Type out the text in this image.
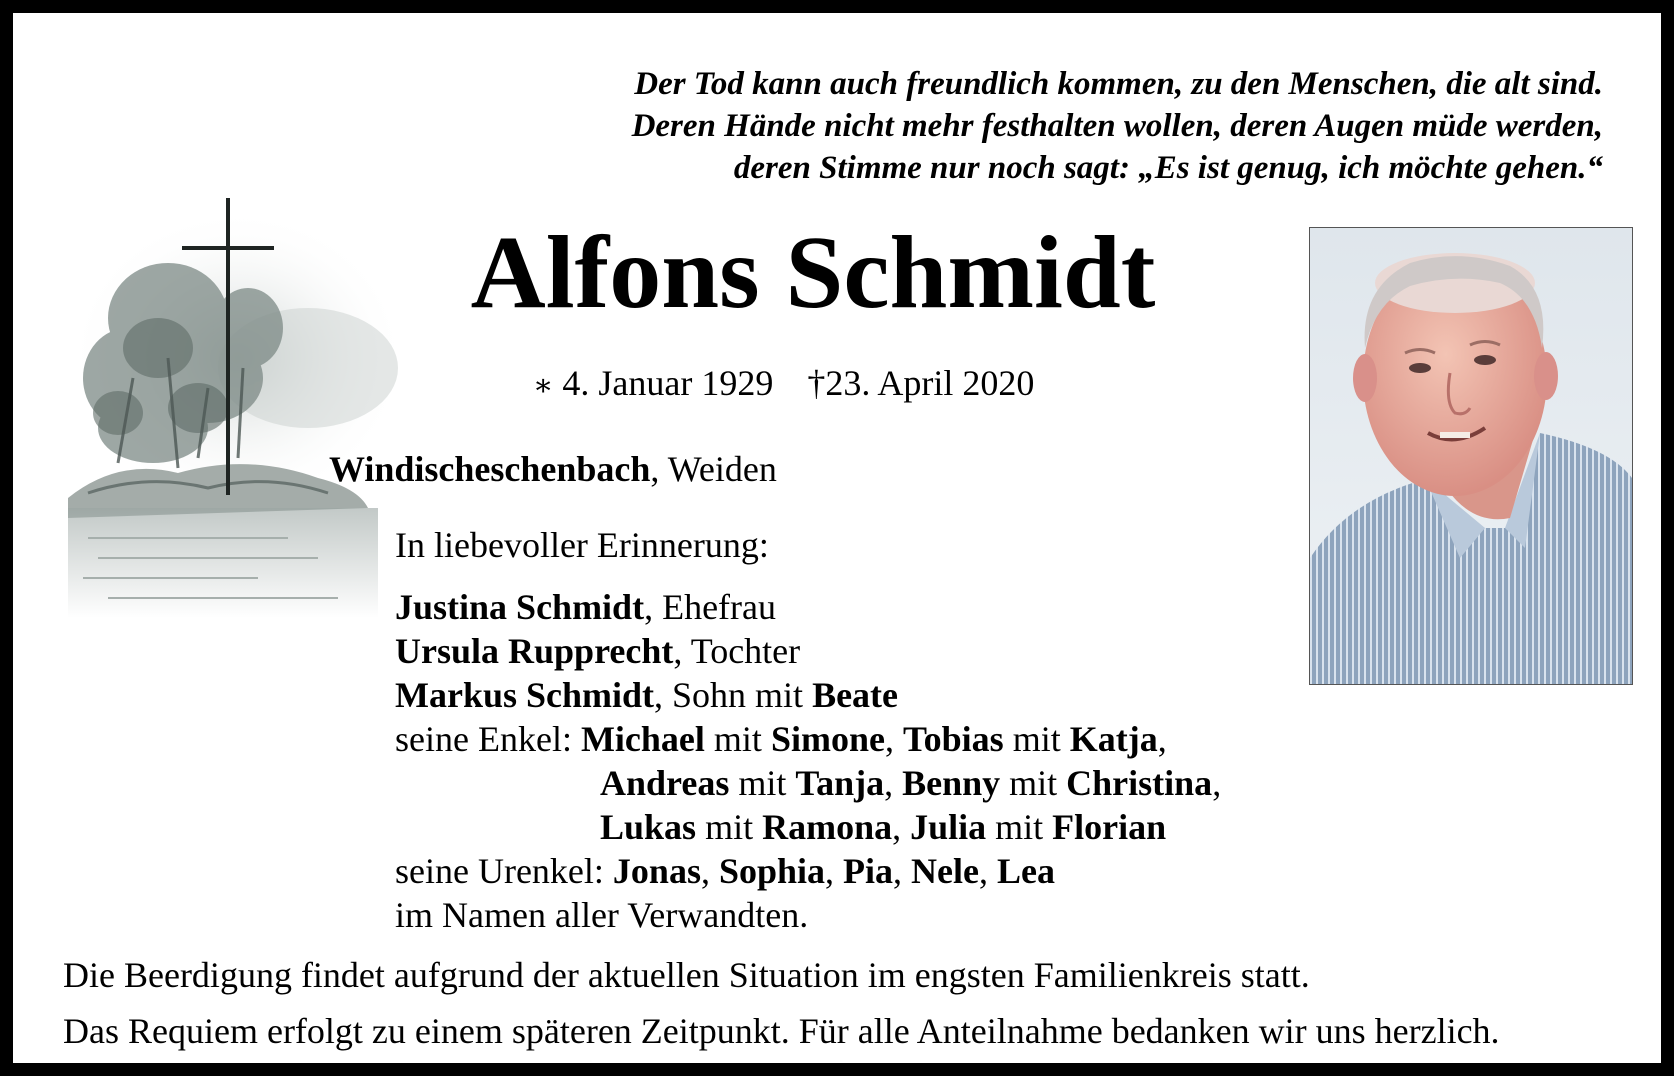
Der Tod kann auch freundlich kommen, zu den Menschen, die alt sind.
Deren Hände nicht mehr festhalten wollen, deren Augen müde werden,
deren Stimme nur noch sagt: „Es ist genug, ich möchte gehen.“
Alfons Schmidt
∗ 4. Januar 1929 †23. April 2020
Windischeschenbach, Weiden
In liebevoller Erinnerung:
Justina Schmidt, Ehefrau
Ursula Rupprecht, Tochter
Markus Schmidt, Sohn mit Beate
seine Enkel: Michael mit Simone, Tobias mit Katja,
Andreas mit Tanja, Benny mit Christina,
Lukas mit Ramona, Julia mit Florian
seine Urenkel: Jonas, Sophia, Pia, Nele, Lea
im Namen aller Verwandten.
Die Beerdigung findet aufgrund der aktuellen Situation im engsten Familienkreis statt.
Das Requiem erfolgt zu einem späteren Zeitpunkt. Für alle Anteilnahme bedanken wir uns herzlich.
